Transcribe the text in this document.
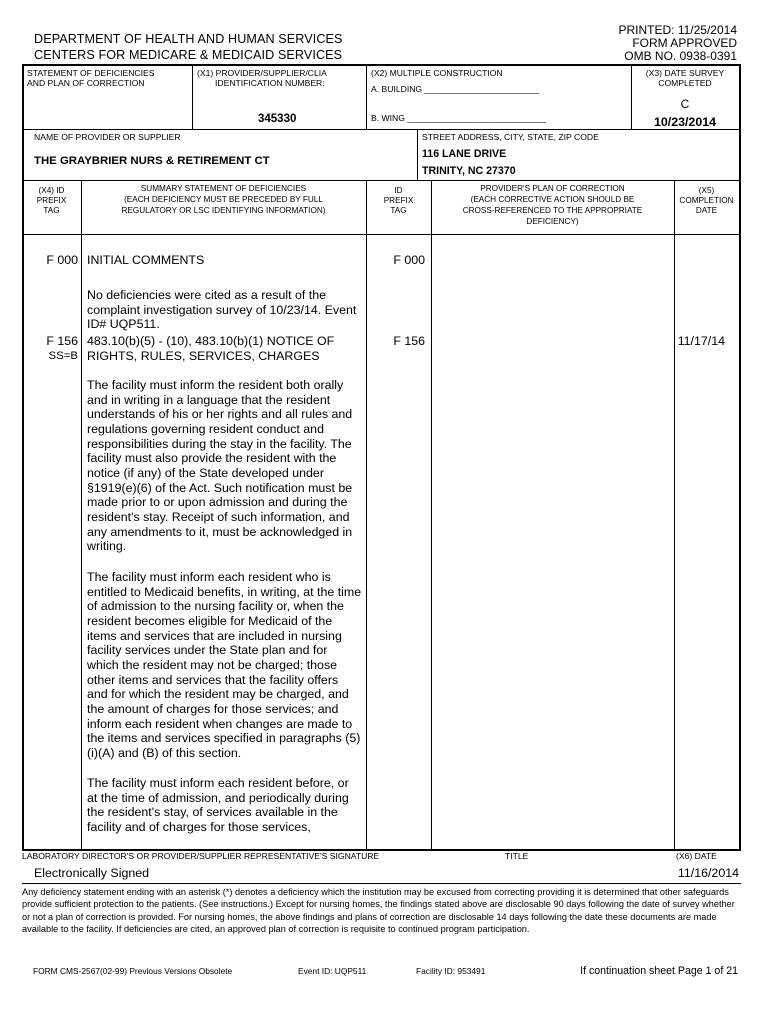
PRINTED: 11/25/2014
FORM APPROVED
OMB NO. 0938-0391
DEPARTMENT OF HEALTH AND HUMAN SERVICES
CENTERS FOR MEDICARE & MEDICAID SERVICES
STATEMENT OF DEFICIENCIES
AND PLAN OF CORRECTION
(X1) PROVIDER/SUPPLIER/CLIA
IDENTIFICATION NUMBER:
345330
(X2) MULTIPLE CONSTRUCTION
A. BUILDING ________________________
B. WING _____________________________
(X3) DATE SURVEY
COMPLETED
C
10/23/2014
NAME OF PROVIDER OR SUPPLIER
THE GRAYBRIER NURS & RETIREMENT CT
STREET ADDRESS, CITY, STATE, ZIP CODE
116 LANE DRIVE
TRINITY, NC 27370
(X4) ID
PREFIX
TAG
SUMMARY STATEMENT OF DEFICIENCIES
(EACH DEFICIENCY MUST BE PRECEDED BY FULL
REGULATORY OR LSC IDENTIFYING INFORMATION)
ID
PREFIX
TAG
PROVIDER'S PLAN OF CORRECTION
(EACH CORRECTIVE ACTION SHOULD BE
CROSS-REFERENCED TO THE APPROPRIATE
DEFICIENCY)
(X5)
COMPLETION
DATE
F 000 INITIAL COMMENTS	F 000
No deficiencies were cited as a result of the
complaint investigation survey of 10/23/14. Event
ID# UQP511.
F 156
SS=B
483.10(b)(5) - (10), 483.10(b)(1) NOTICE OF
RIGHTS, RULES, SERVICES, CHARGES
F 156	11/17/14
The facility must inform the resident both orally
and in writing in a language that the resident
understands of his or her rights and all rules and
regulations governing resident conduct and
responsibilities during the stay in the facility. The
facility must also provide the resident with the
notice (if any) of the State developed under
§1919(e)(6) of the Act. Such notification must be
made prior to or upon admission and during the
resident's stay. Receipt of such information, and
any amendments to it, must be acknowledged in
writing.
The facility must inform each resident who is
entitled to Medicaid benefits, in writing, at the time
of admission to the nursing facility or, when the
resident becomes eligible for Medicaid of the
items and services that are included in nursing
facility services under the State plan and for
which the resident may not be charged; those
other items and services that the facility offers
and for which the resident may be charged, and
the amount of charges for those services; and
inform each resident when changes are made to
the items and services specified in paragraphs (5)
(i)(A) and (B) of this section.
The facility must inform each resident before, or
at the time of admission, and periodically during
the resident's stay, of services available in the
facility and of charges for those services,
LABORATORY DIRECTOR'S OR PROVIDER/SUPPLIER REPRESENTATIVE'S SIGNATURE	TITLE	(X6) DATE
Electronically Signed	11/16/2014
Any deficiency statement ending with an asterisk (*) denotes a deficiency which the institution may be excused from correcting providing it is determined that other safeguards provide sufficient protection to the patients. (See instructions.) Except for nursing homes, the findings stated above are disclosable 90 days following the date of survey whether or not a plan of correction is provided. For nursing homes, the above findings and plans of correction are disclosable 14 days following the date these documents are made available to the facility. If deficiencies are cited, an approved plan of correction is requisite to continued program participation.
FORM CMS-2567(02-99) Previous Versions Obsolete	Event ID: UQP511	Facility ID: 953491	If continuation sheet Page 1 of 21
